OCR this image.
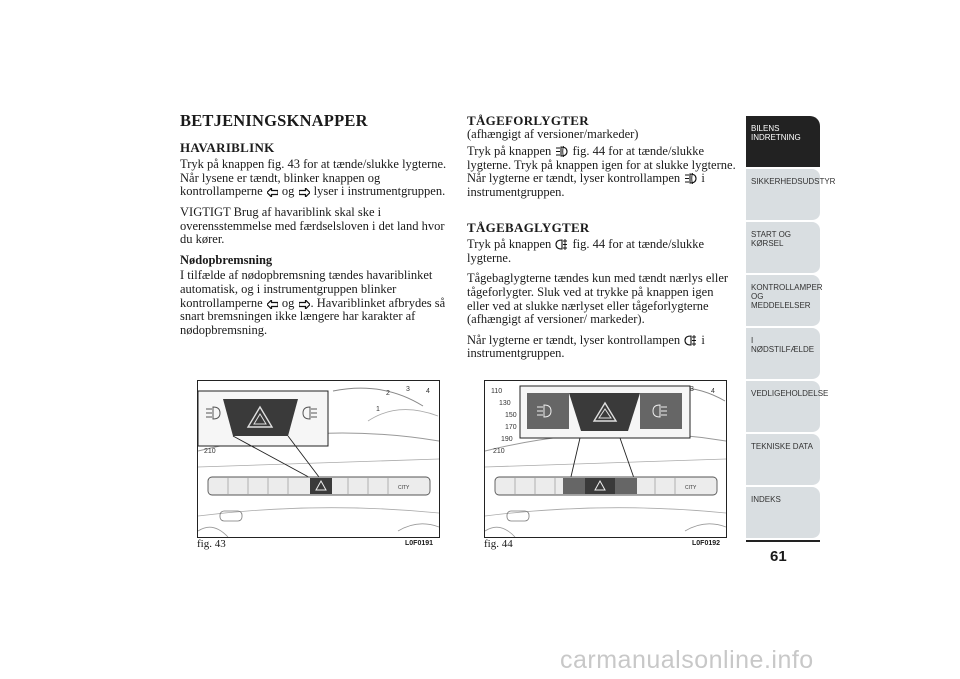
BETJENINGSKNAPPER
HAVARIBLINK

Tryk på knappen fig. 43 for at tænde/slukke lygterne. Når lysene er tændt, blinker knappen og kontrollamperne og lyser i instrumentgruppen.

VIGTIGT Brug af havariblink skal ske i overensstemmelse med færdselsloven i det land hvor du kører.

Nødopbremsning

I tilfælde af nødopbremsning tændes havariblinket automatisk, og i instrumentgruppen blinker kontrollamperne og . Havariblinket afbrydes så snart bremsningen ikke længere har karakter af nødopbremsning.

TÅGEFORLYGTER

(afhængigt af versioner/markeder)

Tryk på knappen fig. 44 for at tænde/slukke lygterne. Tryk på knappen igen for at slukke lygterne. Når lygterne er tændt, lyser kontrollampen i instrumentgruppen.

TÅGEBAGLYGTER

Tryk på knappen fig. 44 for at tænde/slukke lygterne.

Tågebaglygterne tændes kun med tændt nærlys eller tågeforlygter. Sluk ved at trykke på knappen igen eller ved at slukke nærlyset eller tågeforlygterne (afhængigt af versioner/ markeder).

Når lygterne er tændt, lyser kontrollampen i instrumentgruppen.

210
2
3 4
1
CITY
fig. 43	L0F0191
110
130
150
170
190
210
3 4
CITY
fig. 44	L0F0192
BILENS INDRETNING
SIKKERHEDSUDSTYR
START OG KØRSEL
KONTROLLAMPER OG MEDDELELSER
I NØDSTILFÆLDE
VEDLIGEHOLDELSE
TEKNISKE DATA
INDEKS
61
carmanualsonline.info
